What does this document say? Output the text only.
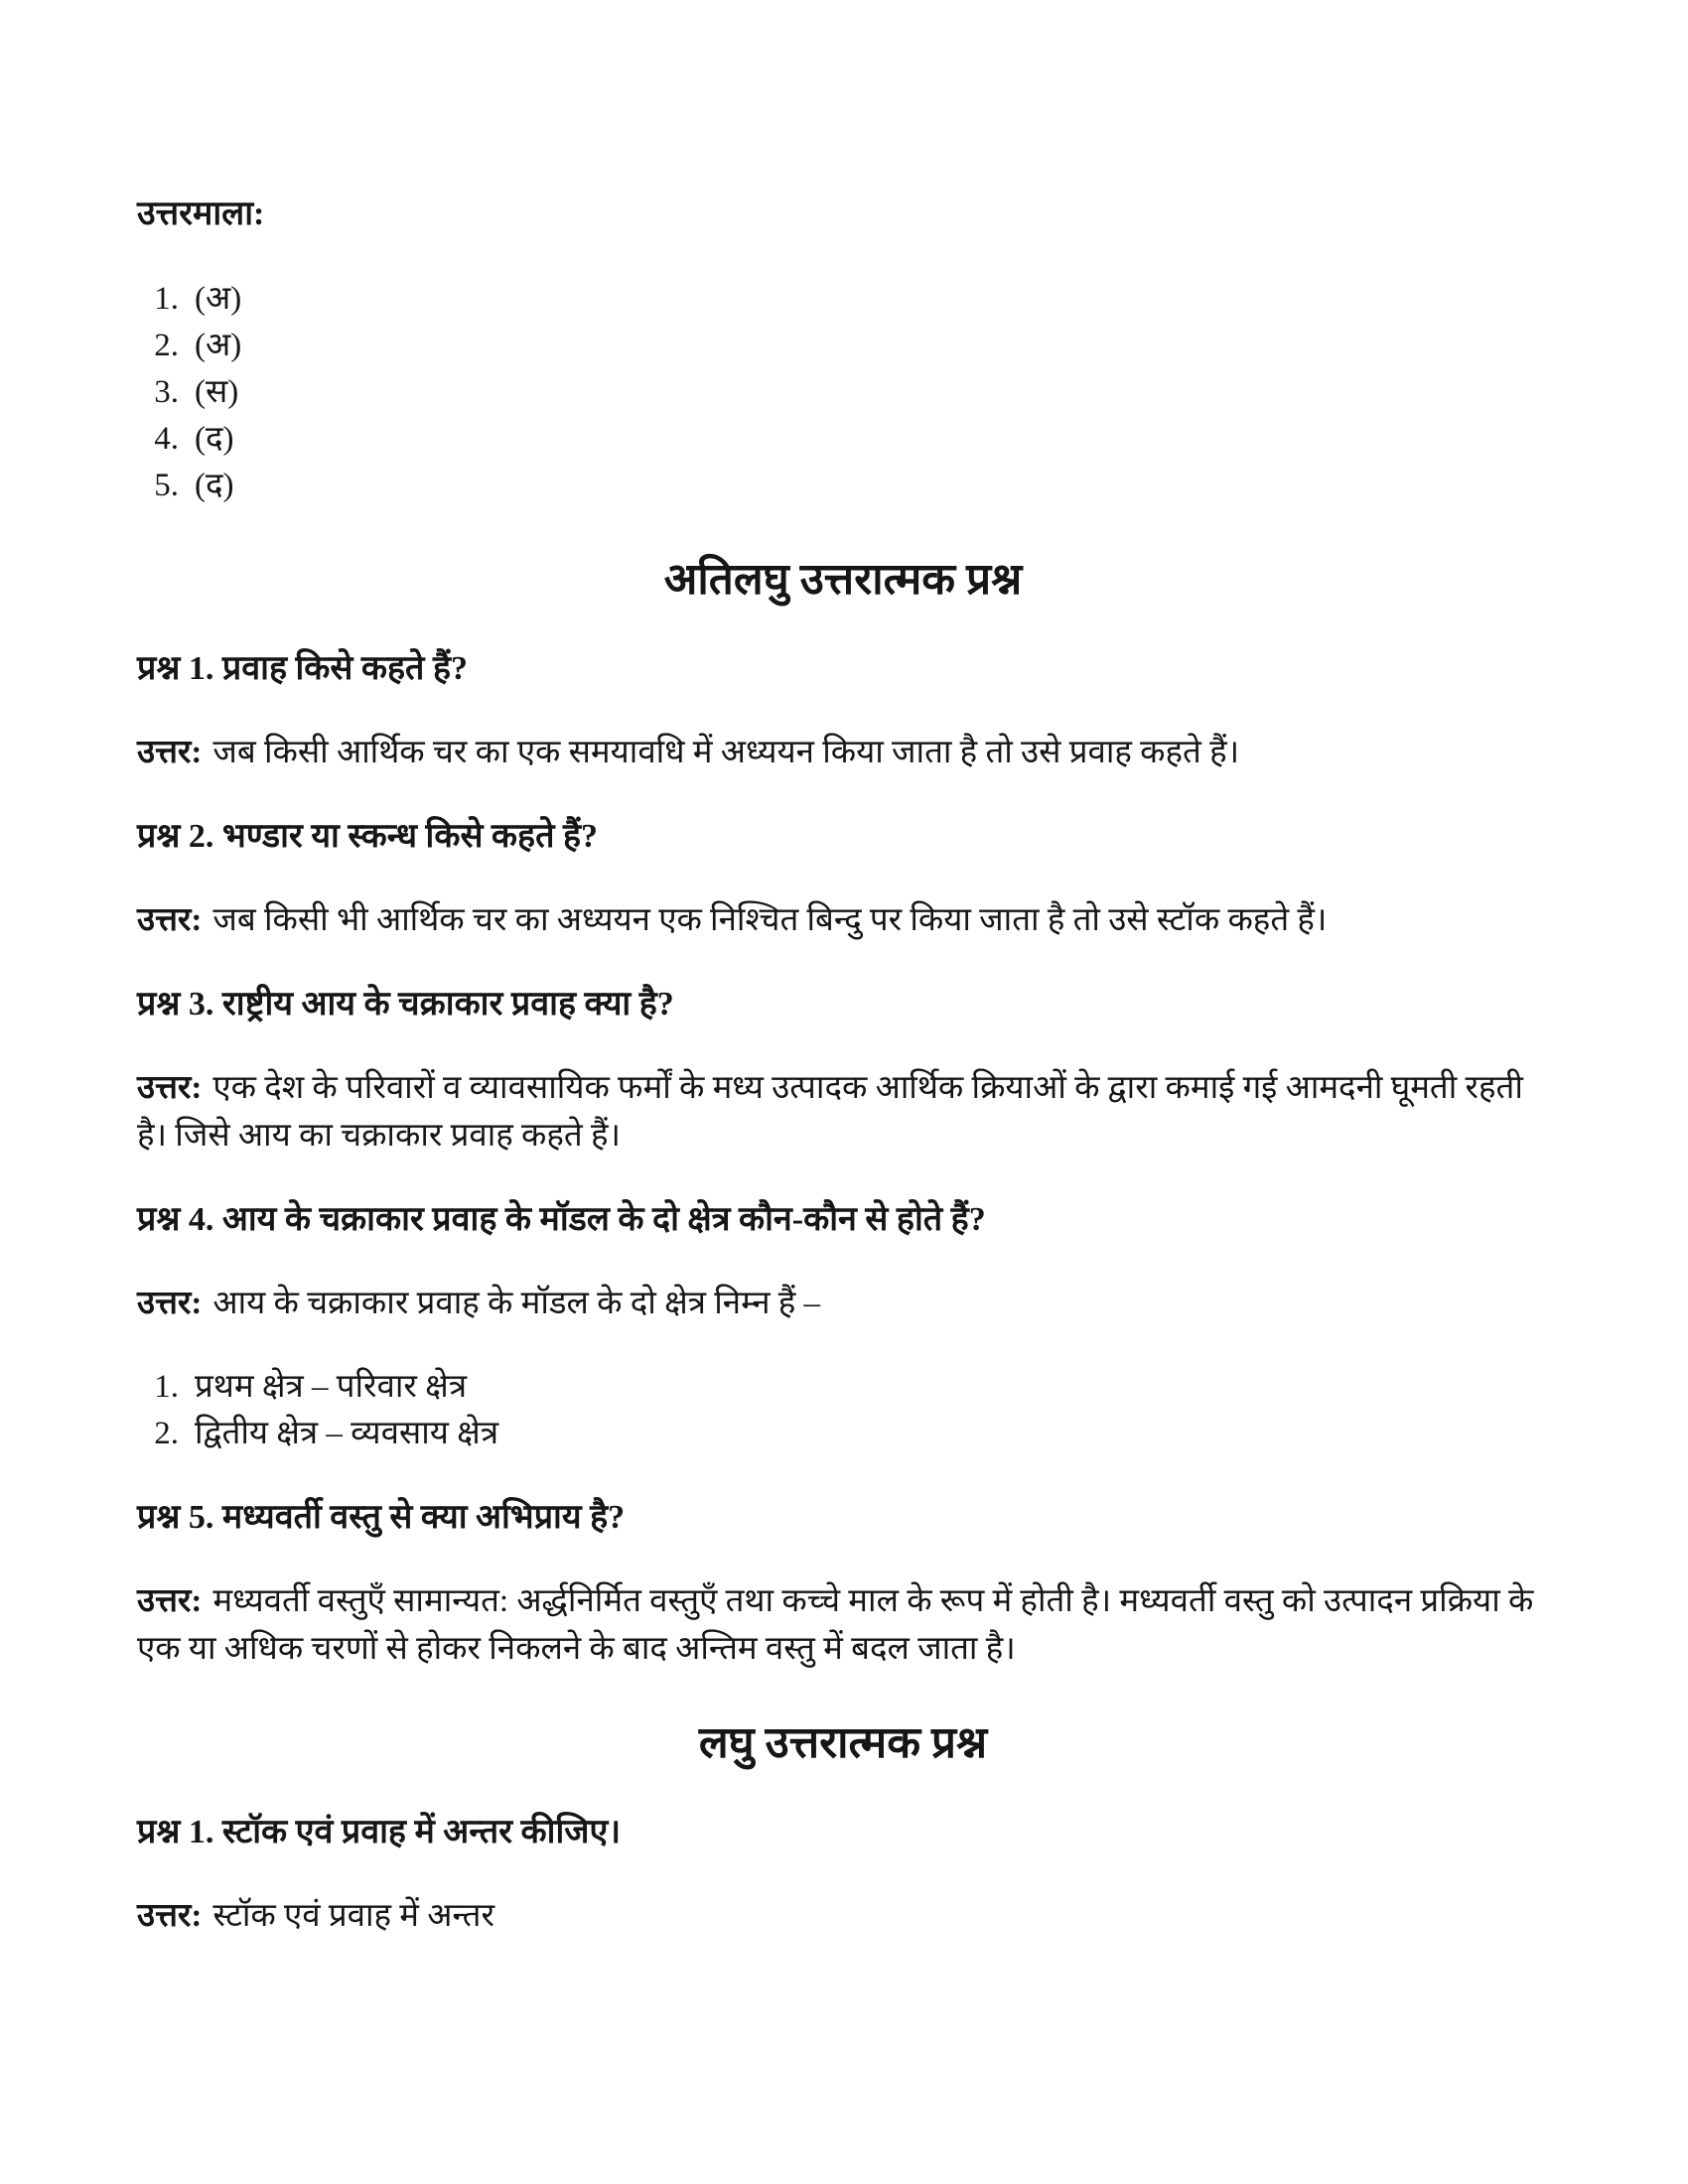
उत्तरमाला:
1. (अ)
2. (अ)
3. (स)
4. (द)
5. (द)
अतिलघु उत्तरात्मक प्रश्न

प्रश्न 1. प्रवाह किसे कहते हैं?

उत्तर: जब किसी आर्थिक चर का एक समयावधि में अध्ययन किया जाता है तो उसे प्रवाह कहते हैं।

प्रश्न 2. भण्डार या स्कन्ध किसे कहते हैं?

उत्तर: जब किसी भी आर्थिक चर का अध्ययन एक निश्चित बिन्दु पर किया जाता है तो उसे स्टॉक कहते हैं।

प्रश्न 3. राष्ट्रीय आय के चक्राकार प्रवाह क्या है?

उत्तर: एक देश के परिवारों व व्यावसायिक फर्मों के मध्य उत्पादक आर्थिक क्रियाओं के द्वारा कमाई गई आमदनी घूमती रहती है। जिसे आय का चक्राकार प्रवाह कहते हैं।

प्रश्न 4. आय के चक्राकार प्रवाह के मॉडल के दो क्षेत्र कौन-कौन से होते हैं?

उत्तर: आय के चक्राकार प्रवाह के मॉडल के दो क्षेत्र निम्न हैं –

1. प्रथम क्षेत्र – परिवार क्षेत्र
2. द्वितीय क्षेत्र – व्यवसाय क्षेत्र

प्रश्न 5. मध्यवर्ती वस्तु से क्या अभिप्राय है?

उत्तर: मध्यवर्ती वस्तुएँ सामान्यत: अर्द्धनिर्मित वस्तुएँ तथा कच्चे माल के रूप में होती है। मध्यवर्ती वस्तु को उत्पादन प्रक्रिया के एक या अधिक चरणों से होकर निकलने के बाद अन्तिम वस्तु में बदल जाता है।

लघु उत्तरात्मक प्रश्न

प्रश्न 1. स्टॉक एवं प्रवाह में अन्तर कीजिए।

उत्तर: स्टॉक एवं प्रवाह में अन्तर
